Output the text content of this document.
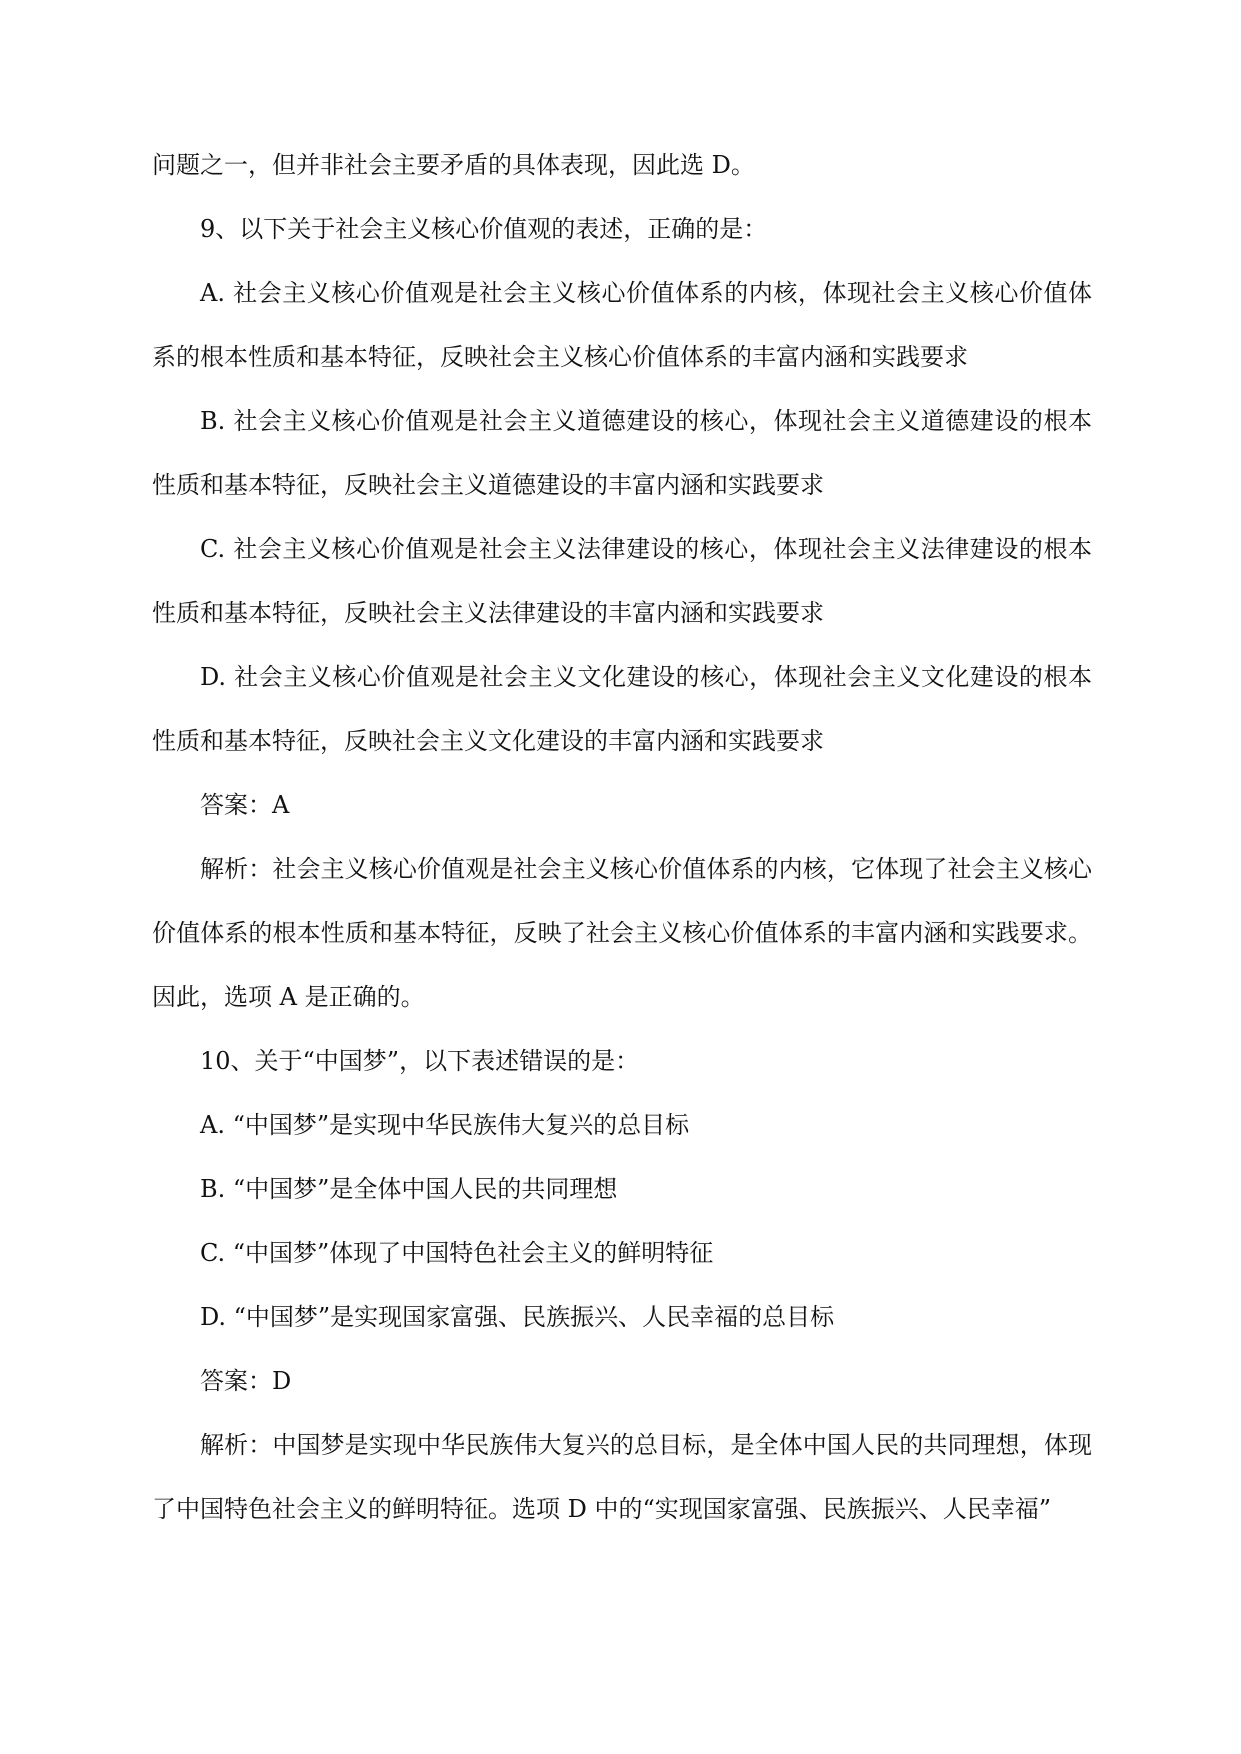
问题之一，但并非社会主要矛盾的具体表现，因此选 D。

9、以下关于社会主义核心价值观的表述，正确的是：

A. 社会主义核心价值观是社会主义核心价值体系的内核，体现社会主义核心价值体系的根本性质和基本特征，反映社会主义核心价值体系的丰富内涵和实践要求

B. 社会主义核心价值观是社会主义道德建设的核心，体现社会主义道德建设的根本性质和基本特征，反映社会主义道德建设的丰富内涵和实践要求

C. 社会主义核心价值观是社会主义法律建设的核心，体现社会主义法律建设的根本性质和基本特征，反映社会主义法律建设的丰富内涵和实践要求

D. 社会主义核心价值观是社会主义文化建设的核心，体现社会主义文化建设的根本性质和基本特征，反映社会主义文化建设的丰富内涵和实践要求

答案：A

解析：社会主义核心价值观是社会主义核心价值体系的内核，它体现了社会主义核心价值体系的根本性质和基本特征，反映了社会主义核心价值体系的丰富内涵和实践要求。因此，选项 A 是正确的。

10、关于“中国梦”，以下表述错误的是：

A. “中国梦”是实现中华民族伟大复兴的总目标

B. “中国梦”是全体中国人民的共同理想

C. “中国梦”体现了中国特色社会主义的鲜明特征

D. “中国梦”是实现国家富强、民族振兴、人民幸福的总目标

答案：D

解析：中国梦是实现中华民族伟大复兴的总目标，是全体中国人民的共同理想，体现了中国特色社会主义的鲜明特征。选项 D 中的“实现国家富强、民族振兴、人民幸福”
